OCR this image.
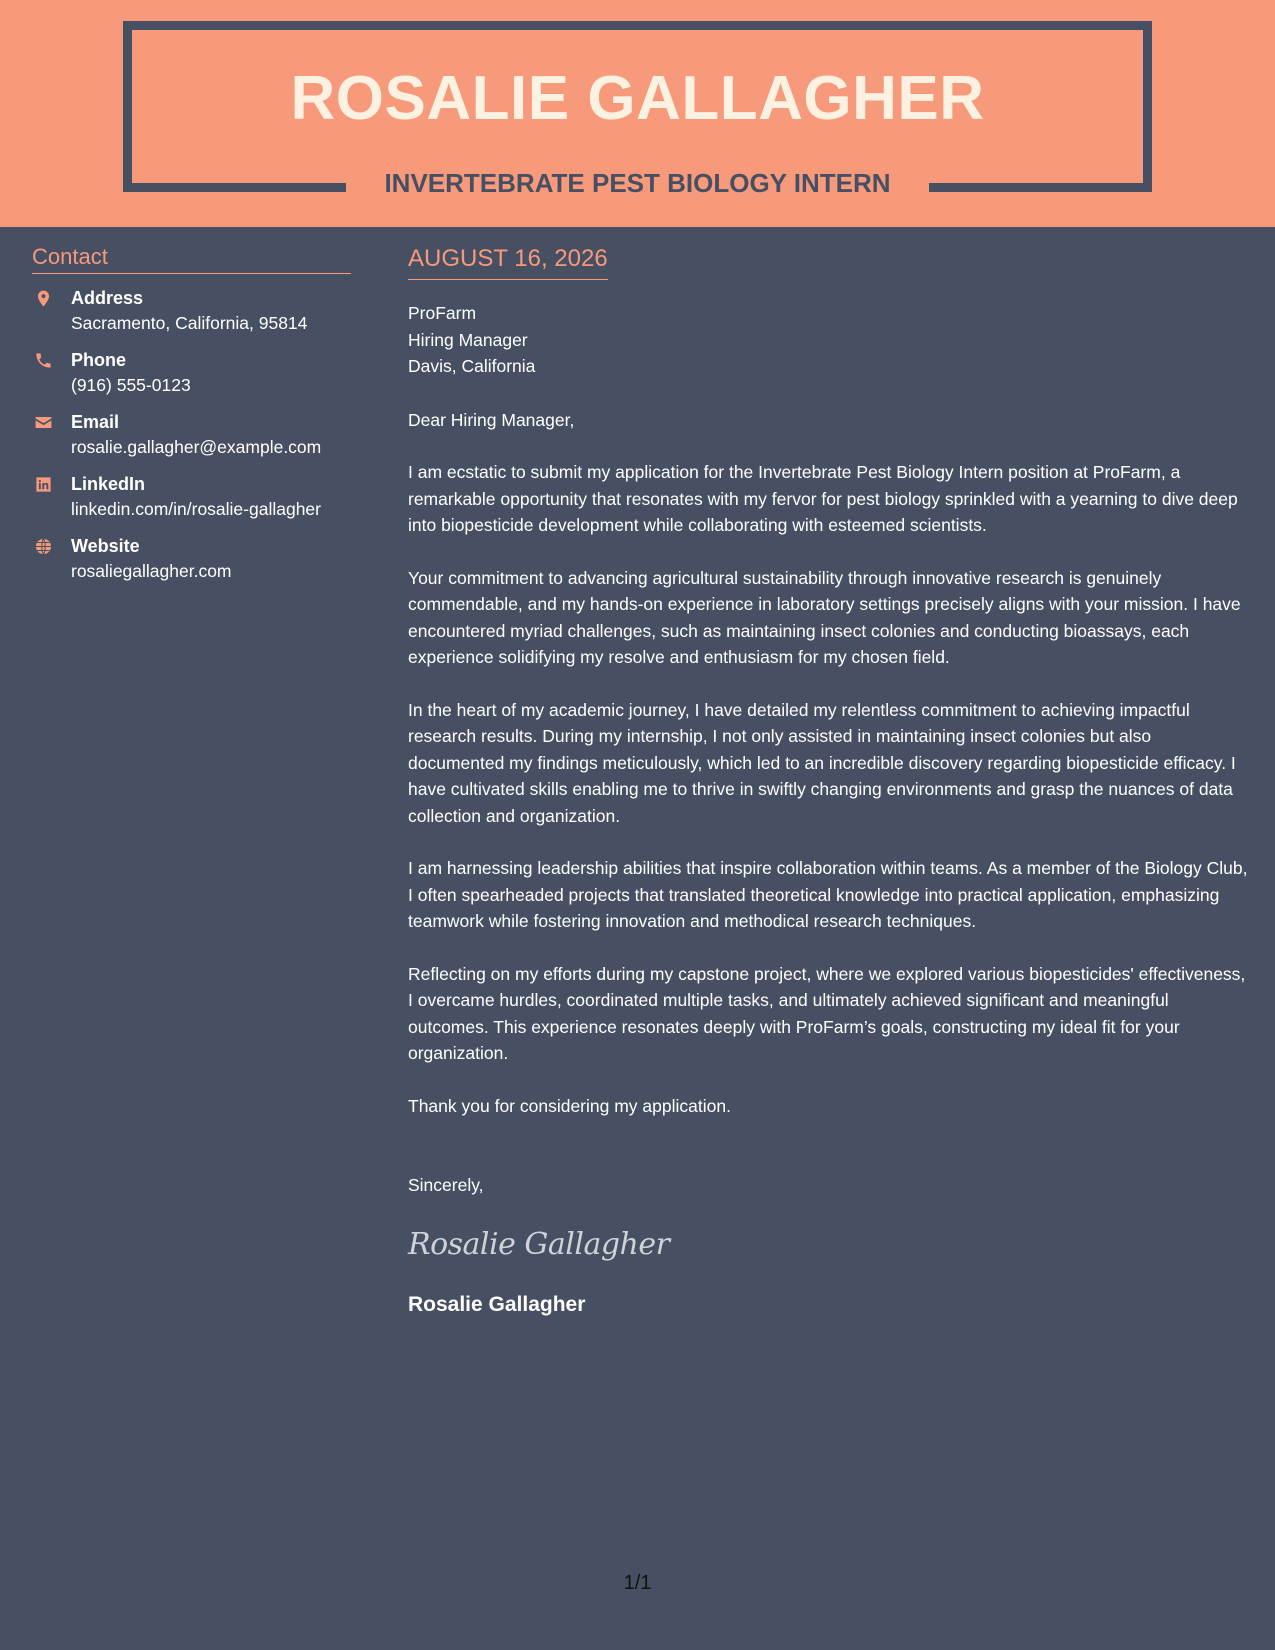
ROSALIE GALLAGHER
INVERTEBRATE PEST BIOLOGY INTERN
Contact
Address
Sacramento, California, 95814
Phone
(916) 555-0123
Email
rosalie.gallagher@example.com
LinkedIn
linkedin.com/in/rosalie-gallagher
Website
rosaliegallagher.com
AUGUST 16, 2026
ProFarm
Hiring Manager
Davis, California
Dear Hiring Manager,
I am ecstatic to submit my application for the Invertebrate Pest Biology Intern position at ProFarm, a remarkable opportunity that resonates with my fervor for pest biology sprinkled with a yearning to dive deep into biopesticide development while collaborating with esteemed scientists.
Your commitment to advancing agricultural sustainability through innovative research is genuinely commendable, and my hands-on experience in laboratory settings precisely aligns with your mission. I have encountered myriad challenges, such as maintaining insect colonies and conducting bioassays, each experience solidifying my resolve and enthusiasm for my chosen field.
In the heart of my academic journey, I have detailed my relentless commitment to achieving impactful research results. During my internship, I not only assisted in maintaining insect colonies but also documented my findings meticulously, which led to an incredible discovery regarding biopesticide efficacy. I have cultivated skills enabling me to thrive in swiftly changing environments and grasp the nuances of data collection and organization.
I am harnessing leadership abilities that inspire collaboration within teams. As a member of the Biology Club, I often spearheaded projects that translated theoretical knowledge into practical application, emphasizing teamwork while fostering innovation and methodical research techniques.
Reflecting on my efforts during my capstone project, where we explored various biopesticides' effectiveness, I overcame hurdles, coordinated multiple tasks, and ultimately achieved significant and meaningful outcomes. This experience resonates deeply with ProFarm’s goals, constructing my ideal fit for your organization.
Thank you for considering my application.
Sincerely,
Rosalie Gallagher
Rosalie Gallagher
1/1
